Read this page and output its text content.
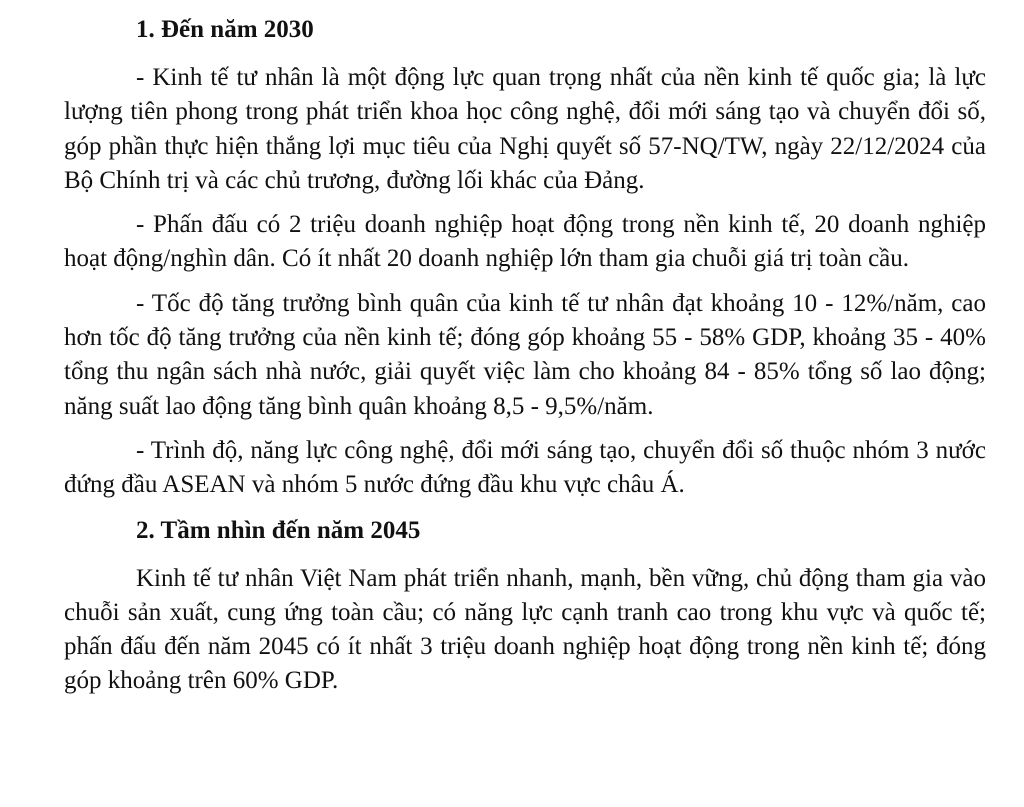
1. Đến năm 2030

- Kinh tế tư nhân là một động lực quan trọng nhất của nền kinh tế quốc gia; là lực lượng tiên phong trong phát triển khoa học công nghệ, đổi mới sáng tạo và chuyển đổi số, góp phần thực hiện thắng lợi mục tiêu của Nghị quyết số 57-NQ/TW, ngày 22/12/2024 của Bộ Chính trị và các chủ trương, đường lối khác của Đảng.

- Phấn đấu có 2 triệu doanh nghiệp hoạt động trong nền kinh tế, 20 doanh nghiệp hoạt động/nghìn dân. Có ít nhất 20 doanh nghiệp lớn tham gia chuỗi giá trị toàn cầu.

- Tốc độ tăng trưởng bình quân của kinh tế tư nhân đạt khoảng 10 - 12%/năm, cao hơn tốc độ tăng trưởng của nền kinh tế; đóng góp khoảng 55 - 58% GDP, khoảng 35 - 40% tổng thu ngân sách nhà nước, giải quyết việc làm cho khoảng 84 - 85% tổng số lao động; năng suất lao động tăng bình quân khoảng 8,5 - 9,5%/năm.

- Trình độ, năng lực công nghệ, đổi mới sáng tạo, chuyển đổi số thuộc nhóm 3 nước đứng đầu ASEAN và nhóm 5 nước đứng đầu khu vực châu Á.

2. Tầm nhìn đến năm 2045

Kinh tế tư nhân Việt Nam phát triển nhanh, mạnh, bền vững, chủ động tham gia vào chuỗi sản xuất, cung ứng toàn cầu; có năng lực cạnh tranh cao trong khu vực và quốc tế; phấn đấu đến năm 2045 có ít nhất 3 triệu doanh nghiệp hoạt động trong nền kinh tế; đóng góp khoảng trên 60% GDP.
